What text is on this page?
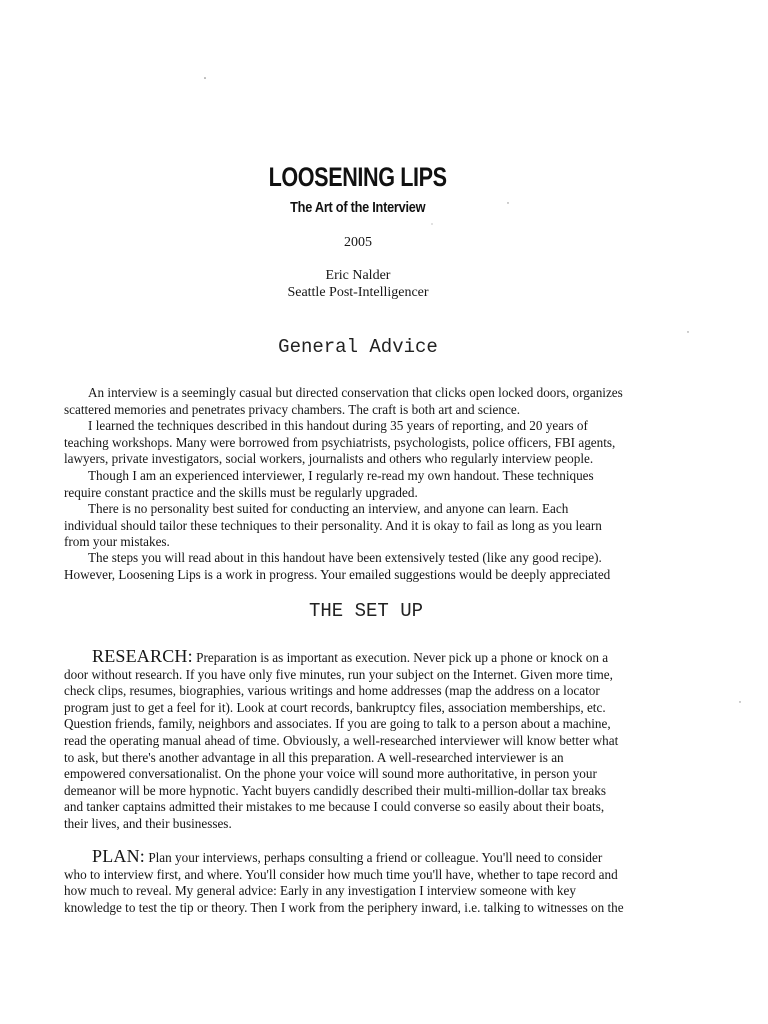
LOOSENING LIPS
The Art of the Interview
2005
Eric Nalder
Seattle Post-Intelligencer
General Advice
An interview is a seemingly casual but directed conservation that clicks open locked doors, organizes
scattered memories and penetrates privacy chambers. The craft is both art and science.
I learned the techniques described in this handout during 35 years of reporting, and 20 years of
teaching workshops. Many were borrowed from psychiatrists, psychologists, police officers, FBI agents,
lawyers, private investigators, social workers, journalists and others who regularly interview people.
Though I am an experienced interviewer, I regularly re-read my own handout. These techniques
require constant practice and the skills must be regularly upgraded.
There is no personality best suited for conducting an interview, and anyone can learn. Each
individual should tailor these techniques to their personality. And it is okay to fail as long as you learn
from your mistakes.
The steps you will read about in this handout have been extensively tested (like any good recipe).
However, Loosening Lips is a work in progress. Your emailed suggestions would be deeply appreciated
THE SET UP
RESEARCH: Preparation is as important as execution. Never pick up a phone or knock on a
door without research. If you have only five minutes, run your subject on the Internet. Given more time,
check clips, resumes, biographies, various writings and home addresses (map the address on a locator
program just to get a feel for it). Look at court records, bankruptcy files, association memberships, etc.
Question friends, family, neighbors and associates. If you are going to talk to a person about a machine,
read the operating manual ahead of time. Obviously, a well-researched interviewer will know better what
to ask, but there's another advantage in all this preparation. A well-researched interviewer is an
empowered conversationalist. On the phone your voice will sound more authoritative, in person your
demeanor will be more hypnotic. Yacht buyers candidly described their multi-million-dollar tax breaks
and tanker captains admitted their mistakes to me because I could converse so easily about their boats,
their lives, and their businesses.
PLAN: Plan your interviews, perhaps consulting a friend or colleague. You'll need to consider
who to interview first, and where. You'll consider how much time you'll have, whether to tape record and
how much to reveal. My general advice: Early in any investigation I interview someone with key
knowledge to test the tip or theory. Then I work from the periphery inward, i.e. talking to witnesses on the
